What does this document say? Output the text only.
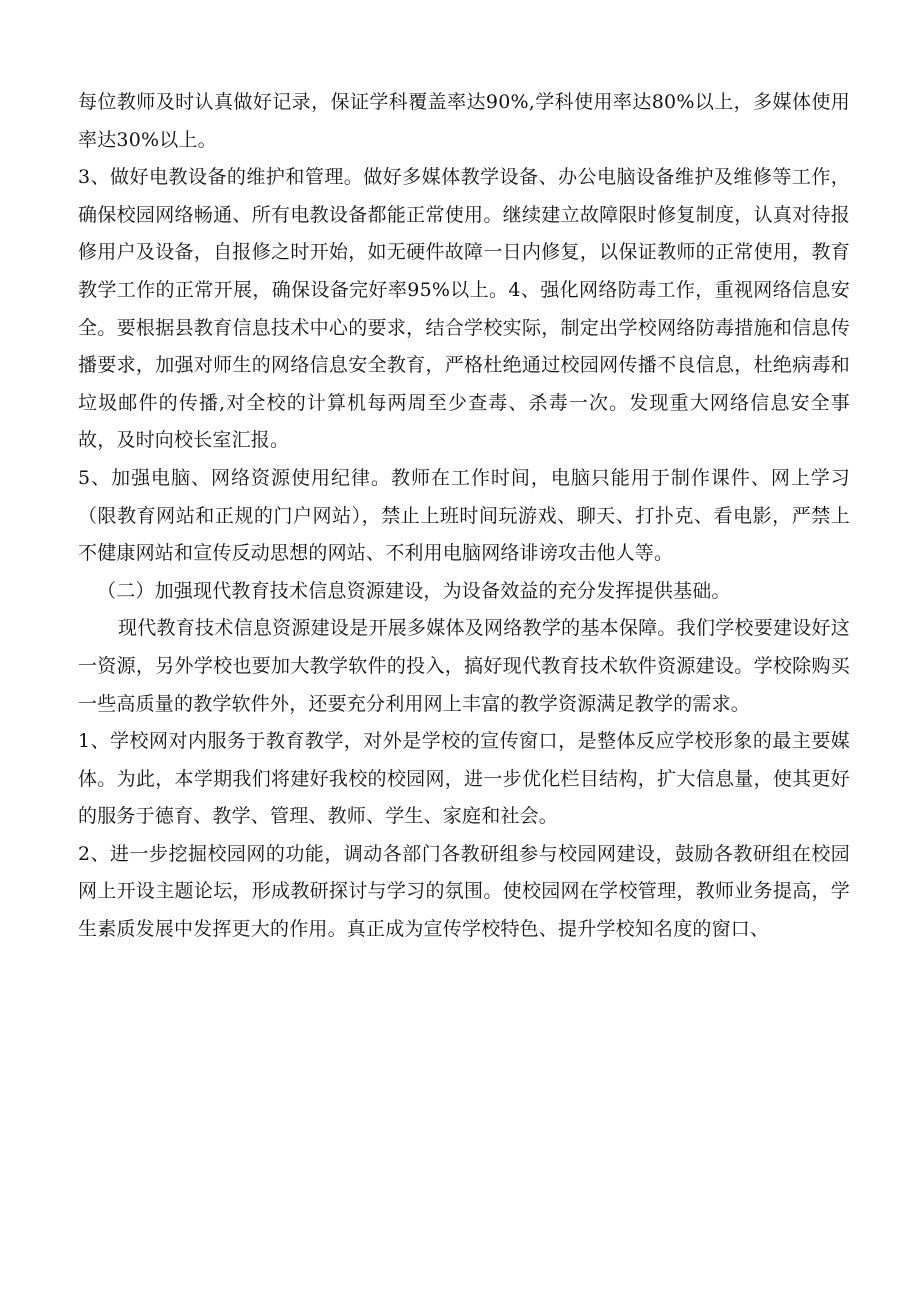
每位教师及时认真做好记录，保证学科覆盖率达90%,学科使用率达80%以上，多媒体使用率达30%以上。

3、做好电教设备的维护和管理。做好多媒体教学设备、办公电脑设备维护及维修等工作，确保校园网络畅通、所有电教设备都能正常使用。继续建立故障限时修复制度，认真对待报修用户及设备，自报修之时开始，如无硬件故障一日内修复，以保证教师的正常使用，教育教学工作的正常开展，确保设备完好率95%以上。4、强化网络防毒工作，重视网络信息安全。要根据县教育信息技术中心的要求，结合学校实际，制定出学校网络防毒措施和信息传播要求，加强对师生的网络信息安全教育，严格杜绝通过校园网传播不良信息，杜绝病毒和垃圾邮件的传播,对全校的计算机每两周至少查毒、杀毒一次。发现重大网络信息安全事故，及时向校长室汇报。

5、加强电脑、网络资源使用纪律。教师在工作时间，电脑只能用于制作课件、网上学习（限教育网站和正规的门户网站），禁止上班时间玩游戏、聊天、打扑克、看电影，严禁上不健康网站和宣传反动思想的网站、不利用电脑网络诽谤攻击他人等。

（二）加强现代教育技术信息资源建设，为设备效益的充分发挥提供基础。

现代教育技术信息资源建设是开展多媒体及网络教学的基本保障。我们学校要建设好这一资源，另外学校也要加大教学软件的投入，搞好现代教育技术软件资源建设。学校除购买一些高质量的教学软件外，还要充分利用网上丰富的教学资源满足教学的需求。

1、学校网对内服务于教育教学，对外是学校的宣传窗口，是整体反应学校形象的最主要媒体。为此，本学期我们将建好我校的校园网，进一步优化栏目结构，扩大信息量，使其更好的服务于德育、教学、管理、教师、学生、家庭和社会。

2、进一步挖掘校园网的功能，调动各部门各教研组参与校园网建设，鼓励各教研组在校园网上开设主题论坛，形成教研探讨与学习的氛围。使校园网在学校管理，教师业务提高，学生素质发展中发挥更大的作用。真正成为宣传学校特色、提升学校知名度的窗口、
